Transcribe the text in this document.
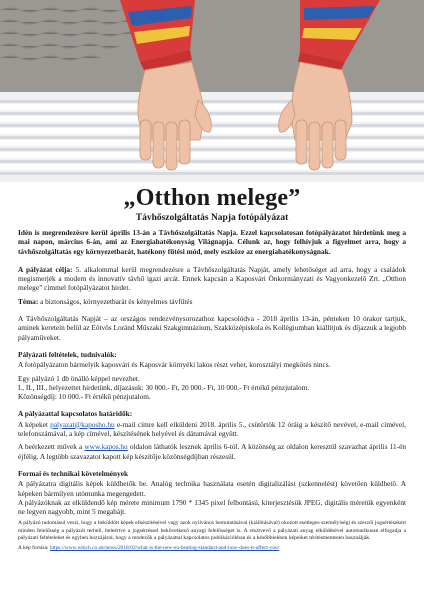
„Otthon melege”
Távhőszolgáltatás Napja fotópályázat

Idén is megrendezésre kerül április 13-án a Távhőszolgáltatás Napja. Ezzel kapcsolatosan fotópályázatot hirdetünk meg a mai napon, március 6-án, ami az Energiahatékonyság Világnapja. Célunk az, hogy felhívjuk a figyelmet arra, hogy a távhőszolgáltatás egy környezetbarát, hatékony fűtési mód, mely eszköze az energiahatékonyságnak.

A pályázat célja: 5. alkalommal kerül megrendezésre a Távhőszolgáltatás Napját, amely lehetőséget ad arra, hogy a családok megismerjék a modern és innovatív távhő igazi arcát. Ennek kapcsán a Kaposvári Önkormányzati és Vagyonkezelő Zrt. „Otthon melege” címmel fotópályázatot hirdet.

Téma: a biztonságos, környezetbarát és kényelmes távfűtés

A Távhőszolgáltatás Napját – az országos rendezvénysorozathoz kapcsolódva - 2018 április 13-án, pénteken 10 órakor tartjuk, aminek keretein belül az Eötvös Loránd Műszaki Szakgimnázium, Szakközépiskola és Kollégiumban kiállítjuk és díjazzuk a legjobb pályaműveket.

Pályázati feltételek, tudnivalók:

A fotópályázaton bármelyik kaposvári és Kaposvár környéki lakos részt vehet, korosztályi megkötés nincs.

Egy pályázó 1 db önálló képpel nevezhet.

I., II., III., helyezettet hirdetünk, díjazásuk: 30 000.- Ft, 20 000.- Ft, 10 000.- Ft értékű pénzjutalom.

Közönségdíj: 10 000.- Ft értékű pénzjutalom.

A pályázattal kapcsolatos határidők:

A képeket palyazat@kaposho.hu e-mail címre kell elküldeni 2018. április 5., csütörtök 12 óráig a készítő nevével, e-mail címével, telefonszámával, a kép címével, készítésének helyével és dátumával együtt.

A beérkezett művek a www.kapos.hu oldalon láthatók lesznek április 6-tól. A közönség az oldalon keresztül szavazhat április 11-én éjfélig. A legtöbb szavazatot kapott kép készítője közönségdíjban részesül.

Formai és technikai követelmények

A pályázatra digitális képek küldhetők be. Analóg technika használata esetén digitalizálást (szkennelést) követően küldhető. A képeken bármilyen utómunka megengedett.

A pályázóknak az elküldendő kép mérete minimum 1790 * 1345 pixel felbontású, kiterjesztésük JPEG, digitális méretük egyenként ne legyen nagyobb, mint 5 megabájt.

A pályázó tudomásul veszi, hogy a beküldött képek elkészítésével vagy azok nyilvános bemutatásával (kiállításával) okozott esetleges személyiségi és szerzői jogsértésekért minden felelősség a pályázót terheli, beleértve a jogsértéssel bekövetkező anyagi felelősséget is. A résztvevő a pályázati anyag elküldésével automatikusan elfogadja a pályázati feltételeket és egyben hozzájárul, hogy a rendezők a pályázattal kapcsolatos publikációkban és a későbbiekben képeiket térítésmentesen használják.

A kép forrása: https://www.which.co.uk/news/2018/02/what-is-the-new-eu-heating-standard-and-how-does-it-affect-you/
